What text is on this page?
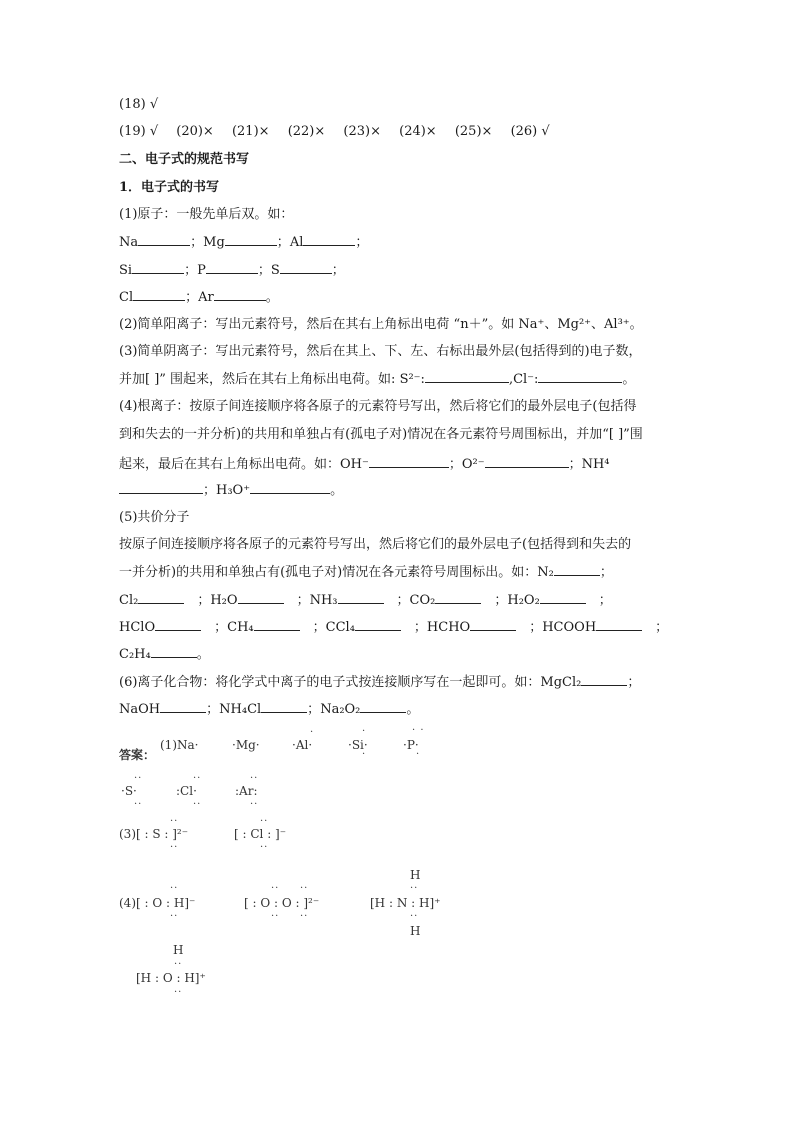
(18) √
(19) √ (20)× (21)× (22)× (23)× (24)× (25)× (26) √
二、电子式的规范书写
1．电子式的书写
(1)原子：一般先单后双。如：
Na	；Mg	；Al	；
Si	；P	；S	；
Cl	；Ar	。
(2)简单阳离子：写出元素符号，然后在其右上角标出电荷 “n＋”。如 Na⁺、Mg²⁺、Al³⁺。
(3)简单阴离子：写出元素符号，然后在其上、下、左、右标出最外层(包括得到的)电子数，
并加[ ]” 围起来，然后在其右上角标出电荷。如: S²⁻:	,Cl⁻:	。
(4)根离子：按原子间连接顺序将各原子的元素符号写出，然后将它们的最外层电子(包括得
到和失去的一并分析)的共用和单独占有(孤电子对)情况在各元素符号周围标出，并加“[ ]”围
起来，最后在其右上角标出电荷。如：OH⁻	；O²⁻	；NH⁴
；H₃O⁺	。
(5)共价分子
按原子间连接顺序将各原子的元素符号写出，然后将它们的最外层电子(包括得到和失去的
一并分析)的共用和单独占有(孤电子对)情况在各元素符号周围标出。如：N₂	；
Cl₂	　；H₂O	　；NH₃	　；CO₂	　；H₂O₂	　；
HClO	　；CH₄	　；CCl₄	　；HCHO	　；HCOOH	　；
C₂H₄	。
(6)离子化合物：将化学式中离子的电子式按连接顺序写在一起即可。如：MgCl₂	；
NaOH	；NH₄Cl	；Na₂O₂	。
答案：
(1)Na·	·Mg·	·Al·
·
·Si·
·
·
·P·
· ·
·
··
·S·
··
··
:Cl·
··
··
:Ar:
··
··
(3)[ : S : ]²⁻
··
··
[ : Cl : ]⁻
··
H
··
··	·· ··
(4)[ : O : H]⁻	[ : O : O : ]²⁻	[H : N : H]⁺
··	·· ··	··
H
H
··
[H : O : H]⁺
··
